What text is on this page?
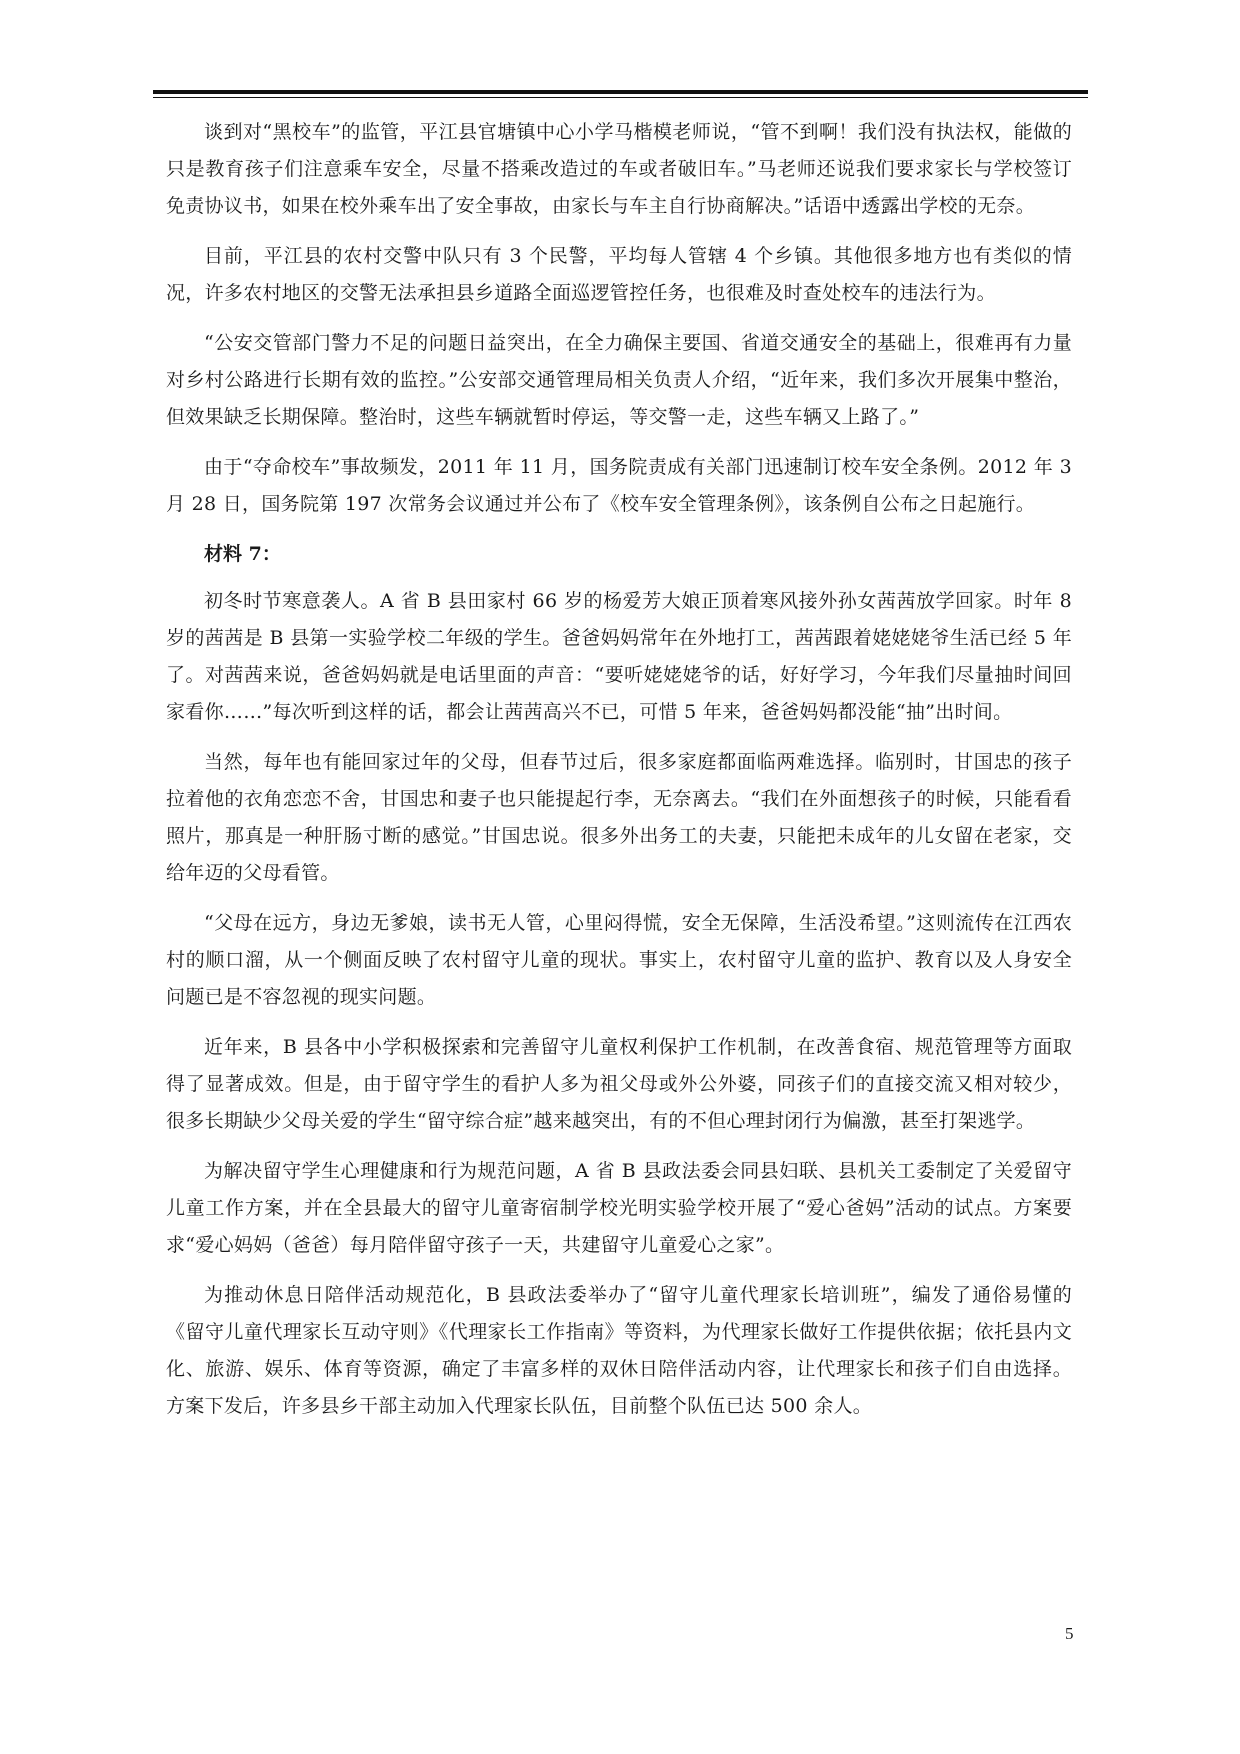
谈到对“黑校车”的监管，平江县官塘镇中心小学马楷模老师说，“管不到啊！我们没有执法权，能做的只是教育孩子们注意乘车安全，尽量不搭乘改造过的车或者破旧车。”马老师还说我们要求家长与学校签订免责协议书，如果在校外乘车出了安全事故，由家长与车主自行协商解决。”话语中透露出学校的无奈。

目前，平江县的农村交警中队只有 3 个民警，平均每人管辖 4 个乡镇。其他很多地方也有类似的情况，许多农村地区的交警无法承担县乡道路全面巡逻管控任务，也很难及时查处校车的违法行为。

“公安交管部门警力不足的问题日益突出，在全力确保主要国、省道交通安全的基础上，很难再有力量对乡村公路进行长期有效的监控。”公安部交通管理局相关负责人介绍，“近年来，我们多次开展集中整治，但效果缺乏长期保障。整治时，这些车辆就暂时停运，等交警一走，这些车辆又上路了。”

由于“夺命校车”事故频发，2011 年 11 月，国务院责成有关部门迅速制订校车安全条例。2012 年 3 月 28 日，国务院第 197 次常务会议通过并公布了《校车安全管理条例》，该条例自公布之日起施行。

材料 7：

初冬时节寒意袭人。A 省 B 县田家村 66 岁的杨爱芳大娘正顶着寒风接外孙女茜茜放学回家。时年 8 岁的茜茜是 B 县第一实验学校二年级的学生。爸爸妈妈常年在外地打工，茜茜跟着姥姥姥爷生活已经 5 年了。对茜茜来说，爸爸妈妈就是电话里面的声音：“要听姥姥姥爷的话，好好学习，今年我们尽量抽时间回家看你……”每次听到这样的话，都会让茜茜高兴不已，可惜 5 年来，爸爸妈妈都没能“抽”出时间。

当然，每年也有能回家过年的父母，但春节过后，很多家庭都面临两难选择。临别时，甘国忠的孩子拉着他的衣角恋恋不舍，甘国忠和妻子也只能提起行李，无奈离去。“我们在外面想孩子的时候，只能看看照片，那真是一种肝肠寸断的感觉。”甘国忠说。很多外出务工的夫妻，只能把未成年的儿女留在老家，交给年迈的父母看管。

“父母在远方，身边无爹娘，读书无人管，心里闷得慌，安全无保障，生活没希望。”这则流传在江西农村的顺口溜，从一个侧面反映了农村留守儿童的现状。事实上，农村留守儿童的监护、教育以及人身安全问题已是不容忽视的现实问题。

近年来，B 县各中小学积极探索和完善留守儿童权利保护工作机制，在改善食宿、规范管理等方面取得了显著成效。但是，由于留守学生的看护人多为祖父母或外公外婆，同孩子们的直接交流又相对较少，很多长期缺少父母关爱的学生“留守综合症”越来越突出，有的不但心理封闭行为偏激，甚至打架逃学。

为解决留守学生心理健康和行为规范问题，A 省 B 县政法委会同县妇联、县机关工委制定了关爱留守儿童工作方案，并在全县最大的留守儿童寄宿制学校光明实验学校开展了“爱心爸妈”活动的试点。方案要求“爱心妈妈（爸爸）每月陪伴留守孩子一天，共建留守儿童爱心之家”。

为推动休息日陪伴活动规范化，B 县政法委举办了“留守儿童代理家长培训班”，编发了通俗易懂的《留守儿童代理家长互动守则》《代理家长工作指南》等资料，为代理家长做好工作提供依据；依托县内文化、旅游、娱乐、体育等资源，确定了丰富多样的双休日陪伴活动内容，让代理家长和孩子们自由选择。方案下发后，许多县乡干部主动加入代理家长队伍，目前整个队伍已达 500 余人。

5
